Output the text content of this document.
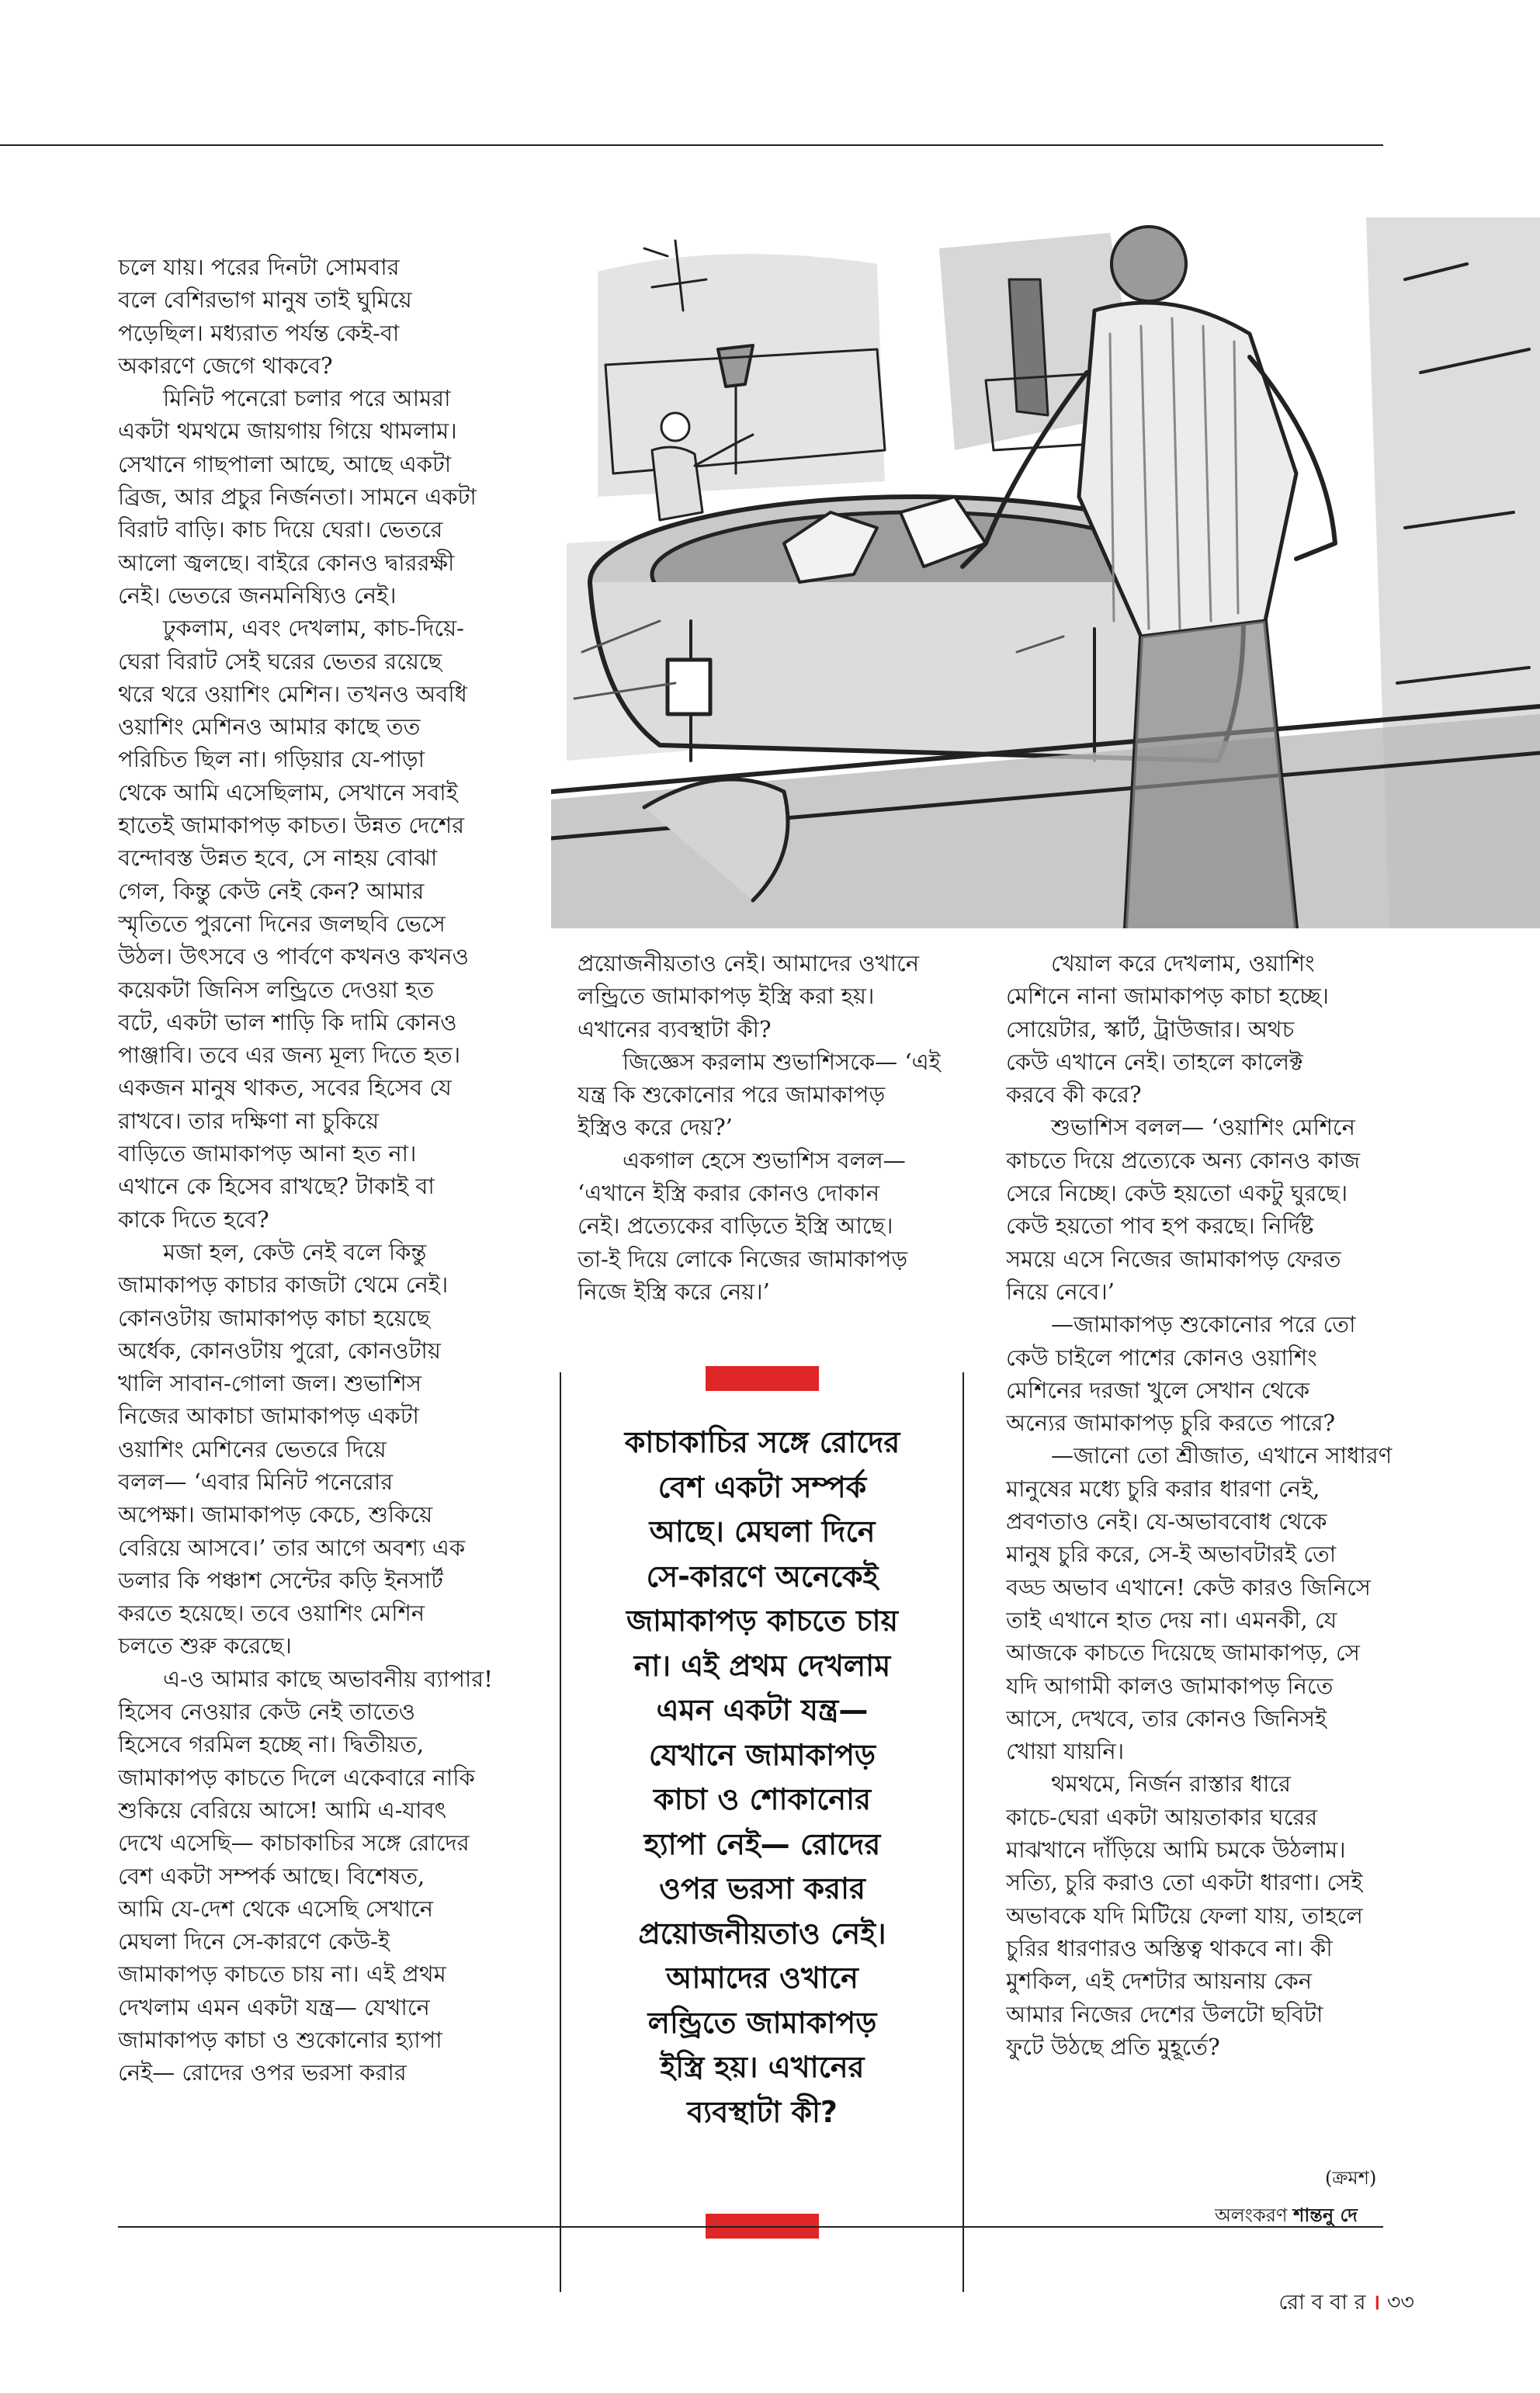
চলে যায়। পরের দিনটা সোমবার
বলে বেশিরভাগ মানুষ তাই ঘুমিয়ে
পড়েছিল। মধ্যরাত পর্যন্ত কেই-বা
অকারণে জেগে থাকবে?
  মিনিট পনেরো চলার পরে আমরা
একটা থমথমে জায়গায় গিয়ে থামলাম।
সেখানে গাছপালা আছে, আছে একটা
ব্রিজ, আর প্রচুর নির্জনতা। সামনে একটা
বিরাট বাড়ি। কাচ দিয়ে ঘেরা। ভেতরে
আলো জ্বলছে। বাইরে কোনও দ্বাররক্ষী
নেই। ভেতরে জনমনিষ্যিও নেই।
  ঢুকলাম, এবং দেখলাম, কাচ-দিয়ে-
ঘেরা বিরাট সেই ঘরের ভেতর রয়েছে
থরে থরে ওয়াশিং মেশিন। তখনও অবধি
ওয়াশিং মেশিনও আমার কাছে তত
পরিচিত ছিল না। গড়িয়ার যে-পাড়া
থেকে আমি এসেছিলাম, সেখানে সবাই
হাতেই জামাকাপড় কাচত। উন্নত দেশের
বন্দোবস্ত উন্নত হবে, সে নাহয় বোঝা
গেল, কিন্তু কেউ নেই কেন? আমার
স্মৃতিতে পুরনো দিনের জলছবি ভেসে
উঠল। উৎসবে ও পার্বণে কখনও কখনও
কয়েকটা জিনিস লন্ড্রিতে দেওয়া হত
বটে, একটা ভাল শাড়ি কি দামি কোনও
পাঞ্জাবি। তবে এর জন্য মূল্য দিতে হত।
একজন মানুষ থাকত, সবের হিসেব যে
রাখবে। তার দক্ষিণা না চুকিয়ে
বাড়িতে জামাকাপড় আনা হত না।
এখানে কে হিসেব রাখছে? টাকাই বা
কাকে দিতে হবে?
  মজা হল, কেউ নেই বলে কিন্তু
জামাকাপড় কাচার কাজটা থেমে নেই।
কোনওটায় জামাকাপড় কাচা হয়েছে
অর্ধেক, কোনওটায় পুরো, কোনওটায়
খালি সাবান-গোলা জল। শুভাশিস
নিজের আকাচা জামাকাপড় একটা
ওয়াশিং মেশিনের ভেতরে দিয়ে
বলল— ‘এবার মিনিট পনেরোর
অপেক্ষা। জামাকাপড় কেচে, শুকিয়ে
বেরিয়ে আসবে।’ তার আগে অবশ্য এক
ডলার কি পঞ্চাশ সেন্টের কড়ি ইনসার্ট
করতে হয়েছে। তবে ওয়াশিং মেশিন
চলতে শুরু করেছে।
  এ-ও আমার কাছে অভাবনীয় ব্যাপার!
হিসেব নেওয়ার কেউ নেই তাতেও
হিসেবে গরমিল হচ্ছে না। দ্বিতীয়ত,
জামাকাপড় কাচতে দিলে একেবারে নাকি
শুকিয়ে বেরিয়ে আসে! আমি এ-যাবৎ
দেখে এসেছি— কাচাকাচির সঙ্গে রোদের
বেশ একটা সম্পর্ক আছে। বিশেষত,
আমি যে-দেশ থেকে এসেছি সেখানে
মেঘলা দিনে সে-কারণে কেউ-ই
জামাকাপড় কাচতে চায় না। এই প্রথম
দেখলাম এমন একটা যন্ত্র— যেখানে
জামাকাপড় কাচা ও শুকোনোর হ্যাপা
নেই— রোদের ওপর ভরসা করার
প্রয়োজনীয়তাও নেই। আমাদের ওখানে
লন্ড্রিতে জামাকাপড় ইস্ত্রি করা হয়।
এখানের ব্যবস্থাটা কী?
  জিজ্ঞেস করলাম শুভাশিসকে— ‘এই
যন্ত্র কি শুকোনোর পরে জামাকাপড়
ইস্ত্রিও করে দেয়?’
  একগাল হেসে শুভাশিস বলল—
‘এখানে ইস্ত্রি করার কোনও দোকান
নেই। প্রত্যেকের বাড়িতে ইস্ত্রি আছে।
তা-ই দিয়ে লোকে নিজের জামাকাপড়
নিজে ইস্ত্রি করে নেয়।’
  খেয়াল করে দেখলাম, ওয়াশিং
মেশিনে নানা জামাকাপড় কাচা হচ্ছে।
সোয়েটার, স্কার্ট, ট্রাউজার। অথচ
কেউ এখানে নেই। তাহলে কালেক্ট
করবে কী করে?
  শুভাশিস বলল— ‘ওয়াশিং মেশিনে
কাচতে দিয়ে প্রত্যেকে অন্য কোনও কাজ
সেরে নিচ্ছে। কেউ হয়তো একটু ঘুরছে।
কেউ হয়তো পাব হপ করছে। নির্দিষ্ট
সময়ে এসে নিজের জামাকাপড় ফেরত
নিয়ে নেবে।’
  —জামাকাপড় শুকোনোর পরে তো
কেউ চাইলে পাশের কোনও ওয়াশিং
মেশিনের দরজা খুলে সেখান থেকে
অন্যের জামাকাপড় চুরি করতে পারে?
  —জানো তো শ্রীজাত, এখানে সাধারণ
মানুষের মধ্যে চুরি করার ধারণা নেই,
প্রবণতাও নেই। যে-অভাববোধ থেকে
মানুষ চুরি করে, সে-ই অভাবটারই তো
বড্ড অভাব এখানে! কেউ কারও জিনিসে
তাই এখানে হাত দেয় না। এমনকী, যে
আজকে কাচতে দিয়েছে জামাকাপড়, সে
যদি আগামী কালও জামাকাপড় নিতে
আসে, দেখবে, তার কোনও জিনিসই
খোয়া যায়নি।
  থমথমে, নির্জন রাস্তার ধারে
কাচে-ঘেরা একটা আয়তাকার ঘরের
মাঝখানে দাঁড়িয়ে আমি চমকে উঠলাম।
সত্যি, চুরি করাও তো একটা ধারণা। সেই
অভাবকে যদি মিটিয়ে ফেলা যায়, তাহলে
চুরির ধারণারও অস্তিত্ব থাকবে না। কী
মুশকিল, এই দেশটার আয়নায় কেন
আমার নিজের দেশের উলটো ছবিটা
ফুটে উঠছে প্রতি মুহূর্তে?
কাচাকাচির সঙ্গে রোদের
বেশ একটা সম্পর্ক
আছে। মেঘলা দিনে
সে-কারণে অনেকেই
জামাকাপড় কাচতে চায়
না। এই প্রথম দেখলাম
এমন একটা যন্ত্র—
যেখানে জামাকাপড়
কাচা ও শোকানোর
হ্যাপা নেই— রোদের
ওপর ভরসা করার
প্রয়োজনীয়তাও নেই।
আমাদের ওখানে
লন্ড্রিতে জামাকাপড়
ইস্ত্রি হয়। এখানের
ব্যবস্থাটা কী?
(ক্রমশ)
অলংকরণ শান্তনু দে
রো ব বা র । ৩৩
